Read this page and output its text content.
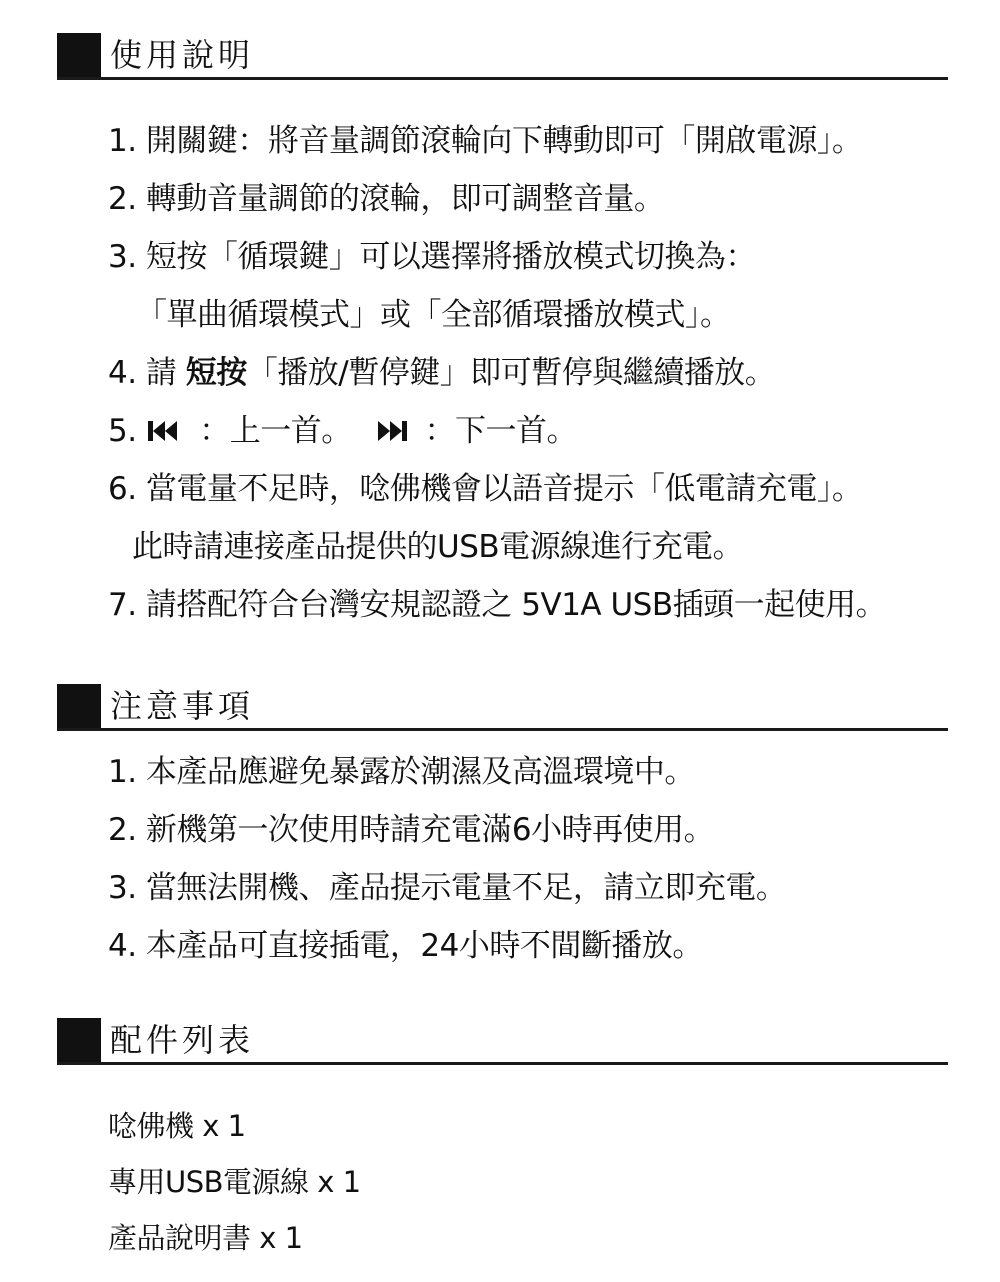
使用說明
1. 開關鍵：將音量調節滾輪向下轉動即可「開啟電源」。
2. 轉動音量調節的滾輪，即可調整音量。
3. 短按「循環鍵」可以選擇將播放模式切換為：
「單曲循環模式」或「全部循環播放模式」。
4. 請 短按「播放/暫停鍵」即可暫停與繼續播放。
5.  ：上一首。 ：下一首。
6. 當電量不足時，唸佛機會以語音提示「低電請充電」。
此時請連接產品提供的USB電源線進行充電。
7. 請搭配符合台灣安規認證之 5V1A USB插頭一起使用。
注意事項
1. 本產品應避免暴露於潮濕及高溫環境中。
2. 新機第一次使用時請充電滿6小時再使用。
3. 當無法開機、產品提示電量不足，請立即充電。
4. 本產品可直接插電，24小時不間斷播放。
配件列表
唸佛機 x 1
專用USB電源線 x 1
產品說明書 x 1
